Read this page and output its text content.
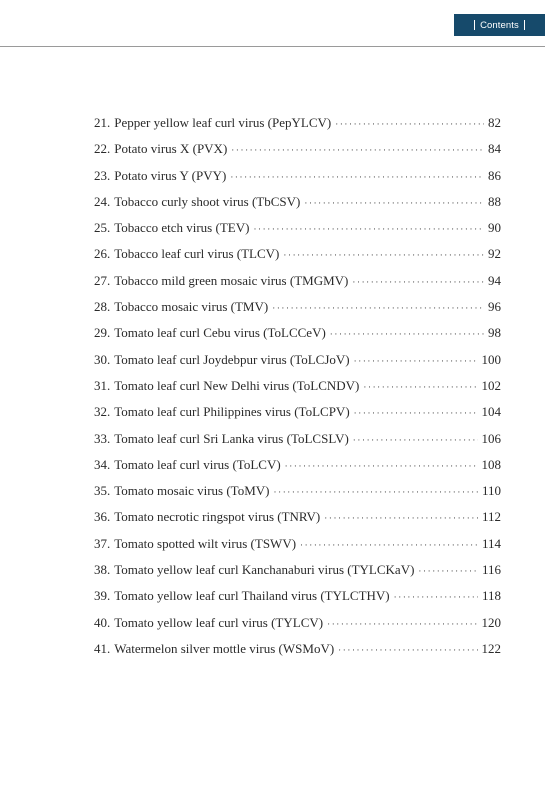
Contents
21. Pepper yellow leaf curl virus (PepYLCV) ·····	82
22. Potato virus X (PVX) ·····	84
23. Potato virus Y (PVY) ·····	86
24. Tobacco curly shoot virus (TbCSV) ·····	88
25. Tobacco etch virus (TEV) ·····	90
26. Tobacco leaf curl virus (TLCV) ·····	92
27. Tobacco mild green mosaic virus (TMGMV) ·····	94
28. Tobacco mosaic virus (TMV) ·····	96
29. Tomato leaf curl Cebu virus (ToLCCeV) ·····	98
30. Tomato leaf curl Joydebpur virus (ToLCJoV) ·····	100
31. Tomato leaf curl New Delhi virus (ToLCNDV) ·····	102
32. Tomato leaf curl Philippines virus (ToLCPV) ·····	104
33. Tomato leaf curl Sri Lanka virus (ToLCSLV) ·····	106
34. Tomato leaf curl virus (ToLCV) ·····	108
35. Tomato mosaic virus (ToMV) ·····	110
36. Tomato necrotic ringspot virus (TNRV) ·····	112
37. Tomato spotted wilt virus (TSWV) ·····	114
38. Tomato yellow leaf curl Kanchanaburi virus (TYLCKaV) ·····	116
39. Tomato yellow leaf curl Thailand virus (TYLCTHV) ·····	118
40. Tomato yellow leaf curl virus (TYLCV) ·····	120
41. Watermelon silver mottle virus (WSMoV) ·····	122
